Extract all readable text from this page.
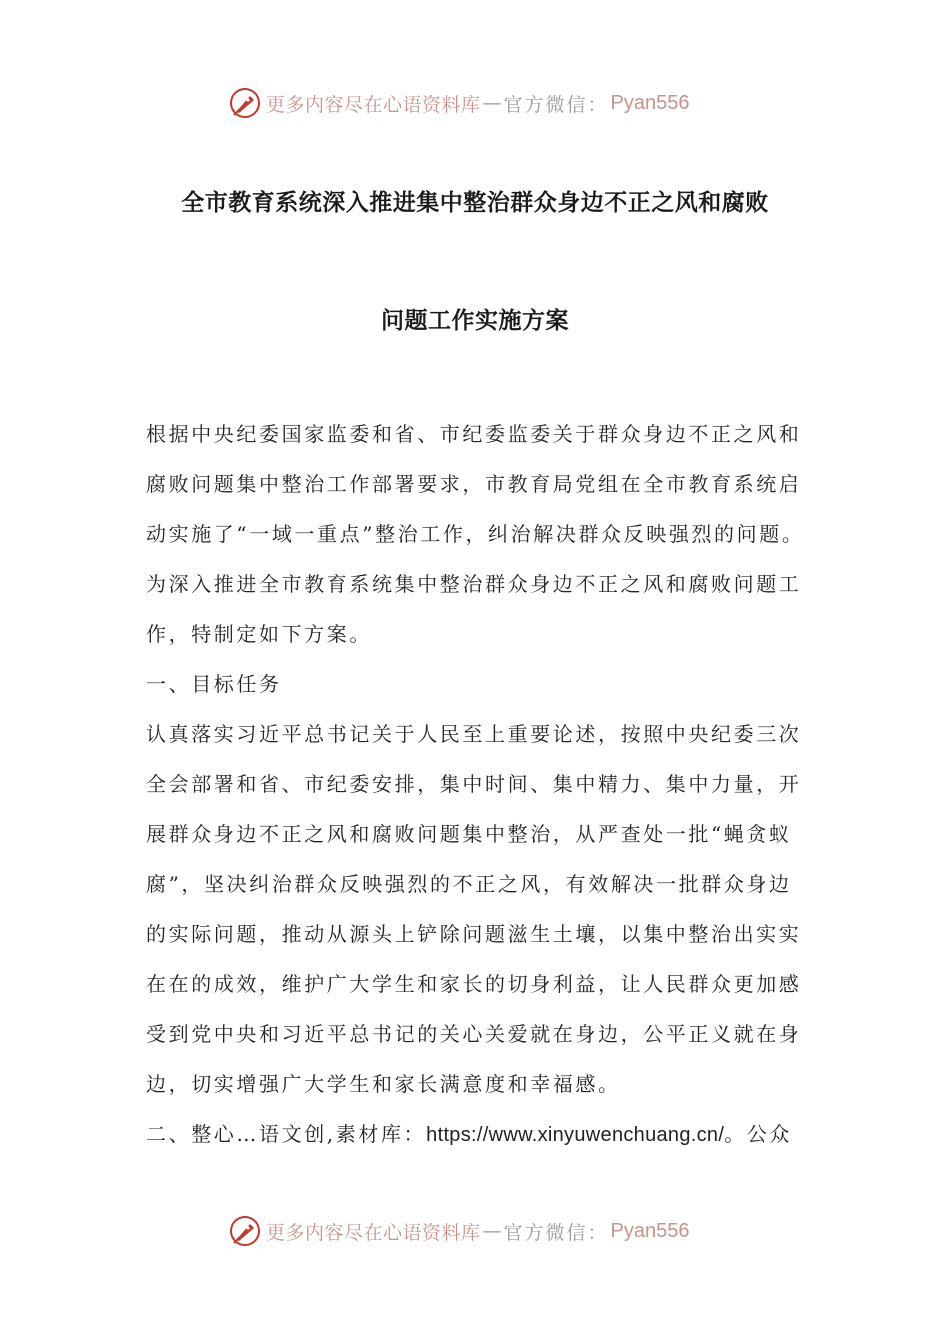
更多内容尽在心语资料库 — 官方微信： Pyan556
全市教育系统深入推进集中整治群众身边不正之风和腐败
问题工作实施方案
根据中央纪委国家监委和省、市纪委监委关于群众身边不正之风和
腐败问题集中整治工作部署要求，市教育局党组在全市教育系统启
动实施了“一域一重点”整治工作，纠治解决群众反映强烈的问题。
为深入推进全市教育系统集中整治群众身边不正之风和腐败问题工
作，特制定如下方案。
一、目标任务
认真落实习近平总书记关于人民至上重要论述，按照中央纪委三次
全会部署和省、市纪委安排，集中时间、集中精力、集中力量，开
展群众身边不正之风和腐败问题集中整治，从严查处一批“蝇贪蚁
腐”，坚决纠治群众反映强烈的不正之风，有效解决一批群众身边
的实际问题，推动从源头上铲除问题滋生土壤，以集中整治出实实
在在的成效，维护广大学生和家长的切身利益，让人民群众更加感
受到党中央和习近平总书记的关心关爱就在身边，公平正义就在身
边，切实增强广大学生和家长满意度和幸福感。
二、整心…语文创,素材库：https://www.xinyuwenchuang.cn/。公众
更多内容尽在心语资料库 — 官方微信： Pyan556
